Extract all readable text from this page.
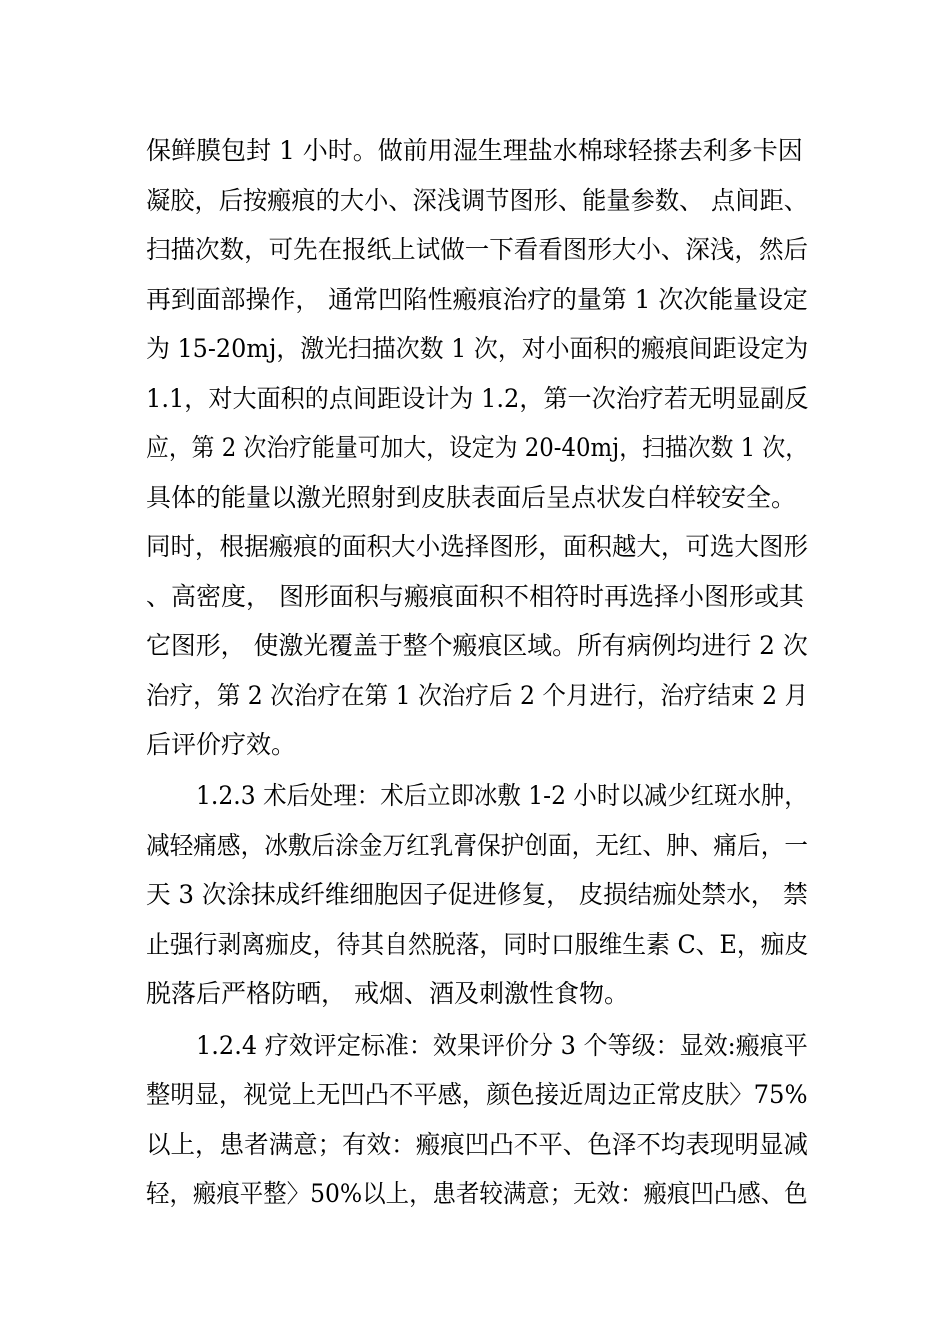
保鲜膜包封 1 小时。做前用湿生理盐水棉球轻搽去利多卡因
凝胶，后按瘢痕的大小、深浅调节图形、能量参数、 点间距、
扫描次数，可先在报纸上试做一下看看图形大小、深浅，然后
再到面部操作， 通常凹陷性瘢痕治疗的量第 1 次次能量设定
为 15-20mj，激光扫描次数 1 次，对小面积的瘢痕间距设定为
1.1，对大面积的点间距设计为 1.2，第一次治疗若无明显副反
应，第 2 次治疗能量可加大，设定为 20-40mj，扫描次数 1 次，
具体的能量以激光照射到皮肤表面后呈点状发白样较安全。
同时，根据瘢痕的面积大小选择图形，面积越大，可选大图形
、高密度， 图形面积与瘢痕面积不相符时再选择小图形或其
它图形， 使激光覆盖于整个瘢痕区域。所有病例均进行 2 次
治疗，第 2 次治疗在第 1 次治疗后 2 个月进行，治疗结束 2 月
后评价疗效。
1.2.3 术后处理：术后立即冰敷 1-2 小时以减少红斑水肿，
减轻痛感，冰敷后涂金万红乳膏保护创面，无红、肿、痛后，一
天 3 次涂抹成纤维细胞因子促进修复， 皮损结痂处禁水， 禁
止强行剥离痂皮，待其自然脱落，同时口服维生素 C、E，痂皮
脱落后严格防晒， 戒烟、酒及刺激性食物。
1.2.4 疗效评定标准：效果评价分 3 个等级：显效:瘢痕平
整明显，视觉上无凹凸不平感，颜色接近周边正常皮肤〉75%
以上，患者满意；有效：瘢痕凹凸不平、色泽不均表现明显减
轻，瘢痕平整〉50%以上，患者较满意；无效：瘢痕凹凸感、色
